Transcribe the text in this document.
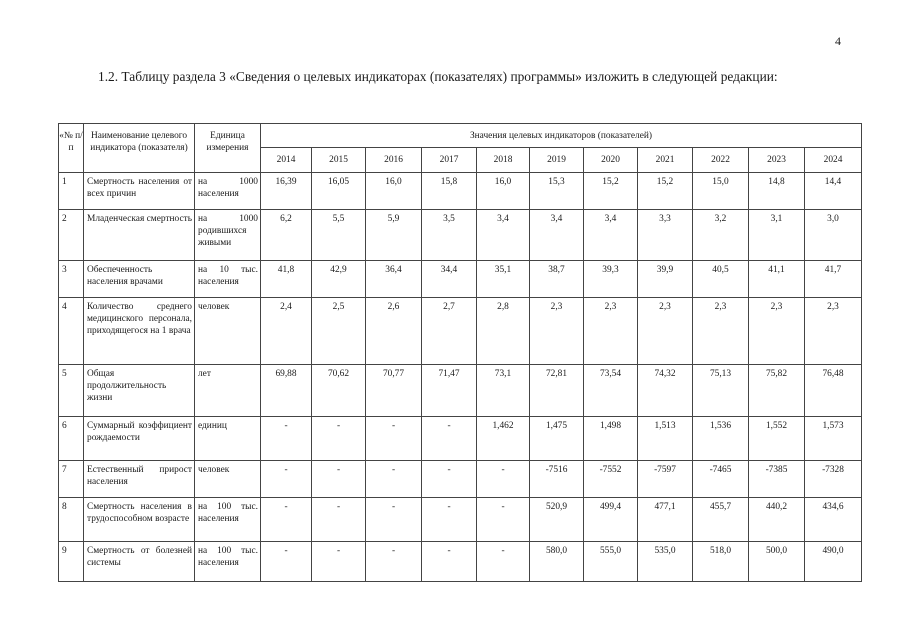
4
1.2. Таблицу раздела 3 «Сведения о целевых индикаторах (показателях) программы» изложить в следующей редакции:
«№ п/п	Наименование целевого индикатора (показателя)	Единица измерения	Значения целевых индикаторов (показателей)										
			2014	2015	2016	2017	2018	2019	2020	2021	2022	2023	2024
1	Смертность населения от всех причин	на 1000 населения	16,39	16,05	16,0	15,8	16,0	15,3	15,2	15,2	15,0	14,8	14,4
2	Младенческая смертность	на 1000 родившихся живыми	6,2	5,5	5,9	3,5	3,4	3,4	3,4	3,3	3,2	3,1	3,0
3	Обеспеченность населения врачами	на 10 тыс. населения	41,8	42,9	36,4	34,4	35,1	38,7	39,3	39,9	40,5	41,1	41,7
4	Количество среднего медицинского персонала, приходящегося на 1 врача	человек	2,4	2,5	2,6	2,7	2,8	2,3	2,3	2,3	2,3	2,3	2,3
5	Общая продолжительность жизни	лет	69,88	70,62	70,77	71,47	73,1	72,81	73,54	74,32	75,13	75,82	76,48
6	Суммарный коэффициент рождаемости	единиц	-	-	-	-	1,462	1,475	1,498	1,513	1,536	1,552	1,573
7	Естественный прирост населения	человек	-	-	-	-	-	-7516	-7552	-7597	-7465	-7385	-7328
8	Смертность населения в трудоспособном возрасте	на 100 тыс. населения	-	-	-	-	-	520,9	499,4	477,1	455,7	440,2	434,6
9	Смертность от болезней системы	на 100 тыс. населения	-	-	-	-	-	580,0	555,0	535,0	518,0	500,0	490,0
